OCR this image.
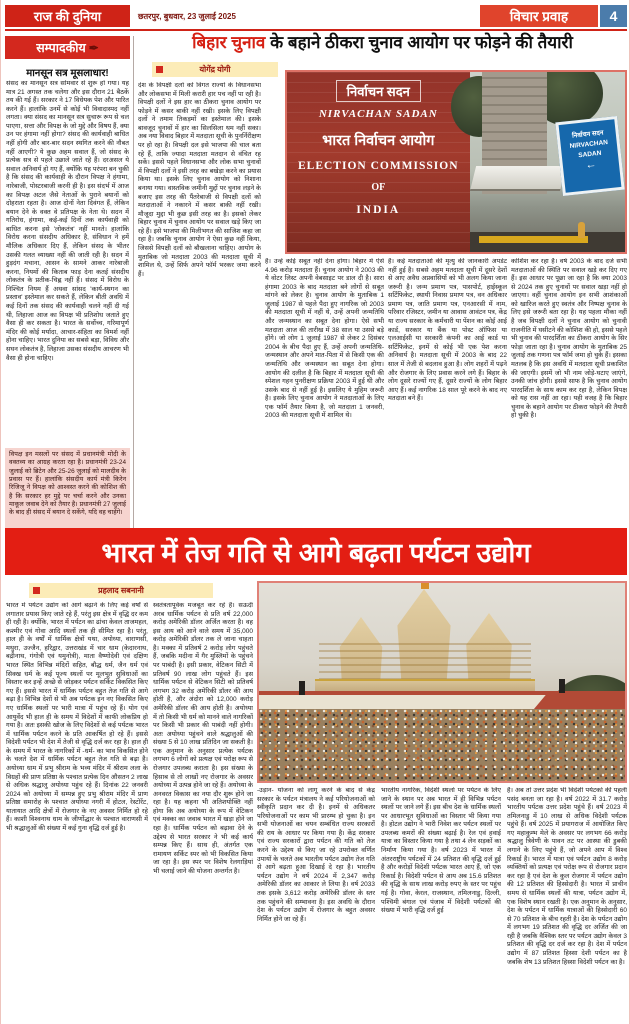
राज की दुनिया	छतरपुर, बुधवार, 23 जुलाई 2025	विचार प्रवाह	4
सम्पादकीय ✒
मानसून सत्र मूसलाधार!
संसद का मानसून सत्र सोमवार से शुरू हो गया। यह मात्र 21 अगस्त तक चलेगा और इस दौरान 21 बैठकें तय की गई हैं। सरकार ने 17 विधेयक पेश और पारित करने हैं। हालांकि उनमें से कोई भी विवादास्पद नहीं लगता। क्या संसद का मानसून सत्र सुचारू रूप से चल पाएगा, सत्ता और विपक्ष के जो मुद्दे और विषय हैं, क्या उन पर हंगामा नहीं होगा? संसद की कार्यवाही बाधित नहीं होगी और बार-बार सदन स्थगित करने की नौबत नहीं आएगी? ये कुछ अहम सवाल हैं, जो संसद के प्रत्येक सत्र से पहले उछाले जाते रहे हैं। दरअसल ये सवाल अनिवार्य हो गए हैं, क्योंकि यह परंपरा बन चुकी है कि संसद की कार्यवाही के दौरान विपक्ष ने हंगामा, नारेबाजी, पोस्टरबाजी करनी ही है। इस संदर्भ में आज का विपक्ष अटल जैसे नेताओं के पुराने बयानों को दोहराता रहता है। आज दोनों नेता दिवंगत हैं, लेकिन बयान देने के वक्त वे प्रतिपक्ष के नेता थे। सदन में गतिरोध, हंगामा, कई-कई दिनों तक कार्यवाही को बाधित करना इसे 'लोकतंत्र' नहीं मानते। हालांकि विरोध करना संसदीय अधिकार है, संविधान ने हमें मौलिक अधिकार दिए हैं, लेकिन संसद के भीतर उसकी गलत व्याख्या नहीं की जाती रही है। सदन में हुड़दंग मचाना, आसन के सामने आकर नारेबाजी करना, नियमों की किताब फाड़ देना कतई संसदीय लोकतंत्र के प्रतीक-चिह्न नहीं हैं। संसद में विरोध के निश्चित नियम हैं अथवा सांसद 'कार्य-स्थगन का प्रस्ताव' इस्तेमाल कर सकते हैं, लेकिन बीती अवधि में कई दिनों तक संसद की कार्यवाही चलने नहीं दी गई थी, लिहाजा आज का विपक्ष भी प्रतिशोध जताते हुए वैसा ही कर सकता है। भारत के सर्वोच्च, गरिमापूर्ण मंदिर की कोई मर्यादा, आचार-संहिता का विमर्श नहीं होना चाहिए। भारत दुनिया का सबसे बड़ा, विविध और सघन लोकतंत्र है, लिहाजा उसका संसदीय आचरण भी वैसा ही होना चाहिए।
विपक्ष इन मसलों पर संसद में प्रधानमंत्री मोदी के वक्तव्य का आग्रह करता रहा है। प्रधानमंत्री 23-24 जुलाई को ब्रिटेन और 25-26 जुलाई को मालदीव के प्रवास पर हैं। हालांकि संसदीय कार्य मंत्री किरेन रिजिजू ने विपक्ष को आश्वस्त करने की कोशिश की है कि सरकार हर मुद्दे पर चर्चा करने और उनका माकूल जवाब देने को तैयार है। प्रधानमंत्री 27 जुलाई के बाद ही संसद में बयान दे सकेंगे, यदि वह चाहेंगे।
बिहार चुनाव के बहाने ठीकरा चुनाव आयोग पर फोड़ने की तैयारी
योगेंद्र योगी
निर्वाचन सदन
NIRVACHAN SADAN
भारत निर्वाचन आयोग
ELECTION COMMISSION
OF
INDIA
निर्वाचन सदन
NIRVACHAN
SADAN
←
देश के विपक्षी दलों को विगत राज्यों के विधानसभा और लोकसभा में मिली करारी हार पच नहीं पा रही है। विपक्षी दलों ने इस हार का ठीकरा चुनाव आयोग पर फोड़ने में कसर बाकी नहीं रखी। इसके लिए विपक्षी दलों ने तमाम तिकड़मों का इस्तेमाल की। इसके बावजूद चुनावों में हार का सिलसिला थम नहीं सका। अब नया विवाद बिहार में मतदाता सूची के पुनर्निरीक्षण पर हो रहा है। विपक्षी दल इसे भाजपा की चाल बता रहे हैं, ताकि ज्यादा मतदाता मतदान से वंचित रह सकें। इससे पहले विधानसभा और लोक सभा चुनावों में विपक्षी दलों ने इसी तरह का बखेड़ा करने का प्रयास किया था। इसके लिए चुनाव आयोग को निशाना बनाया गया। वास्तविक जमीनी मुद्दों पर चुनाव लड़ने के बजाए इस तरह की पैंतरेबाजी से विपक्षी दलों को मतदाताओं ने नकारने में कसर बाकी नहीं रखी। मौजूदा मुद्दा भी कुछ इसी तरह का है। इसको लेकर बिहार चुनाव में चुनाव आयोग पर सवाल खड़े किए जा रहे हैं। इसे भाजपा की मिलीभगत की साजिश कहा जा रहा है। जबकि चुनाव आयोग ने ऐसा कुछ नहीं किया, जिससे विपक्षी दलों को बौखलाना चाहिए। आयोग के मुताबिक जो मतदाता 2003 की मतदाता सूची में शामिल थे, उन्हें सिर्फ अपने फॉर्म भरकर जमा करने हैं।
है। उन्हें कोई सबूत नहीं देना होगा। बिहार में ऐसे 4.96 करोड़ मतदाता हैं। चुनाव आयोग ने 2003 की ये वोटर लिस्ट अपनी वेबसाइट पर डाल दी है। सारा हंगामा 2003 के बाद मतदाता बने लोगों से सबूत मांगने को लेकर है। चुनाव आयोग के मुताबिक 1 जुलाई 1987 से पहले पैदा हुए नागरिक जो 2003 की मतदाता सूची में नहीं थे, उन्हें अपनी जन्मतिथि और जन्मस्थान का सबूत देना होगा। ऐसे सभी मतदाता आज की तारीख में 38 साल या उससे बड़े होंगे। जो लोग 1 जुलाई 1987 से लेकर 2 दिसंबर 2004 के बीच पैदा हुए हैं, उन्हें अपनी जन्मतिथि-जन्मस्थान और अपने मात-पिता में से किसी एक की जन्मतिथि और जन्मस्थान का सबूत देना होगा। आयोग की दलील है कि बिहार में मतदाता सूची की स्पेशल गहन पुनरीक्षण प्रक्रिया 2003 में हुई थी और उसके बाद से नहीं हुई है। इसलिए ये मुहिम जरूरी है। इसके लिए चुनाव आयोग ने मतदाताओं के लिए एक फॉर्म तैयार किया है, जो मतदाता 1 जनवरी, 2003 की मतदाता सूची में शामिल थे।
है। कई मतदाताओं की मृत्यु की जानकारी अपडेट नहीं हुई है। सबसे अहम मतदाता सूची में दूसरे देशों से आए अवैध अप्रवासियों को भी अलग किया जाना जरूरी है। जन्म प्रमाण पत्र, पासपोर्ट, हाईस्कूल सर्टिफिकेट, स्थायी निवास प्रमाण पत्र, वन अधिकार प्रमाण पत्र, जाति प्रमाण पत्र, एनआरसी में नाम, परिवार रजिस्टर, जमीन या आवास आवंटन पत्र, केंद्र या राज्य सरकार के कर्मचारी या पेंशन का कोई आई कार्ड, सरकार या बैंक या पोस्ट ऑफिस या एलआईसी या सरकारी कंपनी का आई कार्ड या सर्टिफिकेट, इनमें से कोई भी एक पेश करना अनिवार्य है। मतदाता सूची में 2003 के बाद 22 साल में तेजी से बदलाव हुआ है। लोग शहरों में पढ़ने और रोजगार के लिए प्रवास करने लगे हैं। बिहार के लोग दूसरे राज्यों गए हैं, दूसरे राज्यों के लोग बिहार आए हैं। कई नागरिक 18 साल पूरे करने के बाद नए मतदाता बने हैं।
कोशिश कर रहा है। वर्ष 2003 के बाद दर्ज सभी मतदाताओं की स्थिति पर सवाल खड़े कर दिए गए हैं। इस आधार पर पूछा जा रहा है कि क्या 2003 से 2024 तक हुए चुनावों पर सवाल खड़ा नहीं हो जाएगा। वहीं चुनाव आयोग इन सभी आशंकाओं को खारिज करते हुए स्वतंत्र और निष्पक्ष चुनाव के लिए इसे जरूरी बता रहा है। यह पहला मौका नहीं है जब विपक्षी दलों ने चुनाव आयोग को चुनावी राजनीति में घसीटने की कोशिश की हो, इससे पहले भी चुनाव की पारदर्शिता का ठीकरा आयोग के सिर फोड़ा जाता रहा है। चुनाव आयोग के मुताबिक 25 जुलाई तक गणना पत्र फॉर्म जमा हो चुके हैं। इसका मतलब है कि इस अवधि में मतदाता सूची प्रकाशित की जाएगी। इसमें जो भी नाम जोड़े-घटाए जाएंगे, उनकी जांच होगी। इससे साफ है कि चुनाव आयोग पारदर्शिता के साथ काम कर रहा है, लेकिन विपक्ष को यह रास नहीं आ रहा। यही वजह है कि बिहार चुनाव के बहाने आयोग पर ठीकरा फोड़ने की तैयारी हो चुकी है।
भारत में तेज गति से आगे बढ़ता पर्यटन उद्योग
प्रहलाद सबनानी
भारत में पर्यटन उद्योग को आगे बढ़ाने के लिए कई वर्षों से लगातार प्रयास किए जाते रहे हैं, परंतु इस क्षेत्र में वृद्धि दर कम ही रही है। क्योंकि, भारत में पर्यटन का ढांचा केवल ताजमहल, कश्मीर एवं गोवा आदि स्थलों तक ही सीमित रहा है। परंतु, हाल ही के वर्षों में धार्मिक क्षेत्रों यथा, अयोध्या, वाराणसी, मथुरा, उज्जैन, हरिद्वार, उत्तराखंड में चार धाम (केदारनाथ, बद्रीनाथ, गंगोत्री एवं यमुनोत्री), माता वैष्णोदेवी एवं दक्षिण भारत स्थित विभिन्न मंदिरों सहित, बौद्ध धर्म, जैन धर्म एवं सिक्ख धर्म के कई पूज्य स्थलों पर मूलभूत सुविधाओं का विस्तार कर इन्हें अच्छे से जोड़कर पर्यटन सर्किट विकसित किए गए हैं। इससे भारत में धार्मिक पर्यटन बहुत तेज गति से आगे बढ़ा है। विभिन्न देशों से भी अब पर्यटक इन नए विकसित किए गए धार्मिक स्थलों पर भारी मात्रा में पहुंच रहे हैं। योग एवं आयुर्वेद भी हाल ही के समय में विदेशों में काफी लोकप्रिय हो गया है। अतः इसकी खोज के लिए विदेशों से कई पर्यटक भारत में धार्मिक पर्यटन करने के प्रति आकर्षित हो रहे हैं। इससे विदेशी पर्यटन भी देश में तेजी से वृद्धि दर्ज कर रहा है। हाल ही के समय में भारत के नागरिकों में -धर्म- का भाव विकसित होने के चलते देश में धार्मिक पर्यटन बहुत तेज गति से बढ़ा है। अयोध्या धाम में प्रभु श्रीराम के भव्य मंदिर में श्रीराम लला के विग्रहों की प्राण प्रतिष्ठा के पश्चात प्रत्येक दिन औसतन 2 लाख से अधिक श्रद्धालु अयोध्या पहुंच रहे हैं। दिनांक 22 जनवरी 2024 को अयोध्या में सम्पन्न हुए प्रभु श्रीराम मंदिर में प्राण प्रतिष्ठा समारोह के पश्चात अयोध्या नगरी में होटल, रेस्टोरेंट, यातायात आदि क्षेत्रों में रोजगार के नए अवसर निर्मित हो रहे हैं। काशी विश्वनाथ धाम के जीर्णोद्धार के पश्चात वाराणसी में भी श्रद्धालुओं की संख्या में कई गुना वृद्धि दर्ज हुई है।
स्वतंत्रतापूर्वक मजबूत कर रहे हैं। सऊदी अरब धार्मिक पर्यटन से प्रति वर्ष 22,000 करोड़ अमेरिकी डॉलर अर्जित करता है। वह इस आय को आने वाले समय में 35,000 करोड़ अमेरिकी डॉलर तक ले जाना चाहता है। मक्का में प्रतिवर्ष 2 करोड़ लोग पहुंचते हैं, जबकि मदीना में गैर मुस्लिमों के पहुंचने पर पाबंदी है। इसी प्रकार, वेटिकन सिटी में प्रतिवर्ष 90 लाख लोग पहुंचते हैं। इस धार्मिक पर्यटन से वेटिकन सिटी को प्रतिवर्ष लगभग 32 करोड़ अमेरिकी डॉलर की आय होती है, और अंदोरा को 12,000 करोड़ अमेरिकी डॉलर की आय होती है। अयोध्या में तो किसी भी धर्म को मानने वाले नागरिकों पर किसी भी प्रकार की पाबंदी नहीं होगी। अतः अयोध्या पहुंचने वाले श्रद्धालुओं की संख्या 5 से 10 लाख प्रतिदिन जा सकती है। एक अनुमान के अनुसार प्रत्येक पर्यटक लगभग 6 लोगों को प्रत्यक्ष एवं परोक्ष रूप से रोजगार उपलब्ध कराता है। इस संख्या के हिसाब से तो लाखों नए रोजगार के अवसर अयोध्या में उत्पन्न होने जा रहे हैं। अयोध्या के अनवरत विकास का नया दौर शुरू होने जा रहा है। यह कहना भी अतिशयोक्ति नहीं होगा कि अब अयोध्या के रूप में वेटिकन एवं मक्का का जवाब भारत में खड़ा होने जा रहा है। धार्मिक पर्यटन को बढ़ावा देने के उद्देश्य से भारत सरकार ने भी कई कार्य सम्पन्न किए हैं। साथ ही, अंतर्गत एक रामायण सर्किट स्पर को भी विकसित किया जा रहा है। इस स्पर पर विशेष रेलगाड़ियां भी चलाई जाने की योजना अन्तर्गत है।
-उड़ान- योजना को लागू करने के बाद से केंद्र सरकार के पर्यटन मंत्रालय ने कई परियोजनाओं को स्वीकृति प्रदान कर दी है। इनमें से अधिकतर परियोजनाओं पर काम भी प्रारम्भ हो चुका है। इन सभी योजनाओं का चयन सम्बंधित राज्य सरकारों की राय के आधार पर किया गया है। केंद्र सरकार एवं राज्य सरकारों द्वारा पर्यटन की गति को तेज करने के उद्देश्य से किए जा रहे उपरोक्त वर्णित उपायों के चलते अब भारतीय पर्यटन उद्योग तेज गति से आगे बढ़ता हुआ दिखाई दे रहा है। भारतीय पर्यटन उद्योग ने वर्ष 2024 में 2,347 करोड़ अमेरिकी डॉलर का आकार ले लिया है। वर्ष 2033 तक इसके 3,612 करोड़ अमेरिकी डॉलर के स्तर तक पहुंचने की सम्भावना है। इस अवधि के दौरान देश के पर्यटन उद्योग में रोजगार के बहुत अवसर निर्मित होने जा रहे हैं।
भारतीय नागरिक, विदेशी स्थलों पर पर्यटन के लिए जाने के स्थान पर अब भारत में ही विभिन्न पर्यटन स्थलों पर जाने लगे हैं। इस बीच देश के धार्मिक स्थलों पर आधारभूत सुविधाओं का विस्तार भी किया गया है। होटल उद्योग ने भारी निवेश कर पर्यटन स्थलों पर उपलब्ध कमरों की संख्या बढ़ाई है। रेल एवं हवाई यात्रा का विस्तार किया गया है तथा 4 लेन सड़कों का निर्माण किया गया है। वर्ष 2023 में भारत में अंतरराष्ट्रीय पर्यटकों में 24 प्रतिशत की वृद्धि दर्ज हुई है और करोड़ों विदेशी पर्यटक भारत आए हैं, जो एक रिकार्ड है। विदेशी पर्यटन से आय अब 15.6 प्रतिशत की वृद्धि के साथ लाख करोड़ रुपए के स्तर पर पहुंच गई है। गोवा, केरल, राजस्थान, तमिलनाडु, दिल्ली, पश्चिमी बंगाल एवं पंजाब में विदेशी पर्यटकों की संख्या में भारी वृद्धि दर्ज हुई
है। अब तो उत्तर प्रदेश भी विदेशी पर्यटकों की पहली पसंद बनता जा रहा है। वर्ष 2022 में 31.7 करोड़ भारतीय पर्यटक उत्तर प्रदेश पहुंचे हैं। वर्ष 2023 में तमिलनाडु में 10 लाख से अधिक विदेशी पर्यटक पहुंचे हैं। वर्ष 2025 में प्रयागराज में आयोजित किए गए महाकुम्भ मेले के अवसर पर लगभग 66 करोड़ श्रद्धालु त्रिवेणी के पावन तट पर आस्था की डुबकी लगाने के लिए पहुंचे हैं, जो अपने आप में विश्व रिकार्ड है। भारत में यात्रा एवं पर्यटन उद्योग 8 करोड़ व्यक्तियों को प्रत्यक्ष एवं परोक्ष रूप से रोजगार प्रदान कर रहा है एवं देश के कुल रोजगार में पर्यटन उद्योग की 12 प्रतिशत की हिस्सेदारी है। भारत में प्राचीन समय से धार्मिक स्थलों की यात्रा, पर्यटन उद्योग में, एक विशेष स्थान रखती है। एक अनुमान के अनुसार, देश के पर्यटन में धार्मिक यात्राओं की हिस्सेदारी 60 से 70 प्रतिशत के बीच रहती है। देश के पर्यटन उद्योग में लगभग 19 प्रतिशत की वृद्धि दर अर्जित की जा रही है जबकि वैश्विक स्तर पर पर्यटन उद्योग केवल 3 प्रतिशत की वृद्धि दर दर्ज कर रहा है। देश में पर्यटन उद्योग में 87 प्रतिशत हिस्सा देशी पर्यटन का है जबकि शेष 13 प्रतिशत हिस्सा विदेशी पर्यटन का है।
